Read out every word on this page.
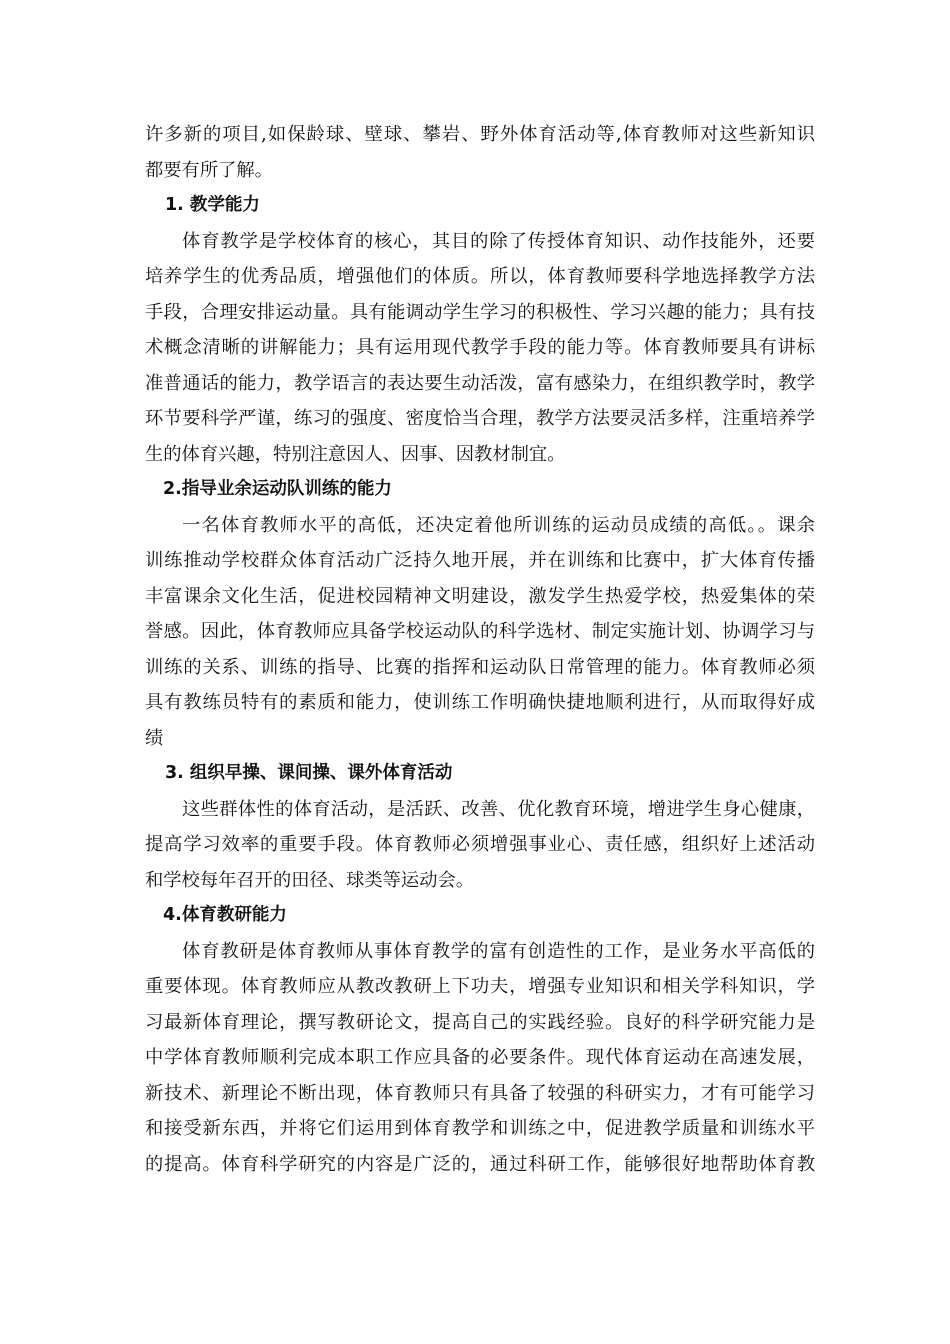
许多新的项目,如保龄球、壁球、攀岩、野外体育活动等,体育教师对这些新知识
都要有所了解。
1. 教学能力
体育教学是学校体育的核心，其目的除了传授体育知识、动作技能外，还要
培养学生的优秀品质，增强他们的体质。所以，体育教师要科学地选择教学方法
手段，合理安排运动量。具有能调动学生学习的积极性、学习兴趣的能力；具有技
术概念清晰的讲解能力；具有运用现代教学手段的能力等。体育教师要具有讲标
准普通话的能力，教学语言的表达要生动活泼，富有感染力，在组织教学时，教学
环节要科学严谨，练习的强度、密度恰当合理，教学方法要灵活多样，注重培养学
生的体育兴趣，特别注意因人、因事、因教材制宜。
2.指导业余运动队训练的能力
一名体育教师水平的高低，还决定着他所训练的运动员成绩的高低。。课余
训练推动学校群众体育活动广泛持久地开展，并在训练和比赛中，扩大体育传播
丰富课余文化生活，促进校园精神文明建设，激发学生热爱学校，热爱集体的荣
誉感。因此，体育教师应具备学校运动队的科学选材、制定实施计划、协调学习与
训练的关系、训练的指导、比赛的指挥和运动队日常管理的能力。体育教师必须
具有教练员特有的素质和能力，使训练工作明确快捷地顺利进行，从而取得好成
绩
3. 组织早操、课间操、课外体育活动
这些群体性的体育活动，是活跃、改善、优化教育环境，增进学生身心健康，
提高学习效率的重要手段。体育教师必须增强事业心、责任感，组织好上述活动
和学校每年召开的田径、球类等运动会。
4.体育教研能力
体育教研是体育教师从事体育教学的富有创造性的工作，是业务水平高低的
重要体现。体育教师应从教改教研上下功夫，增强专业知识和相关学科知识，学
习最新体育理论，撰写教研论文，提高自己的实践经验。良好的科学研究能力是
中学体育教师顺利完成本职工作应具备的必要条件。现代体育运动在高速发展，
新技术、新理论不断出现，体育教师只有具备了较强的科研实力，才有可能学习
和接受新东西，并将它们运用到体育教学和训练之中，促进教学质量和训练水平
的提高。体育科学研究的内容是广泛的，通过科研工作，能够很好地帮助体育教
